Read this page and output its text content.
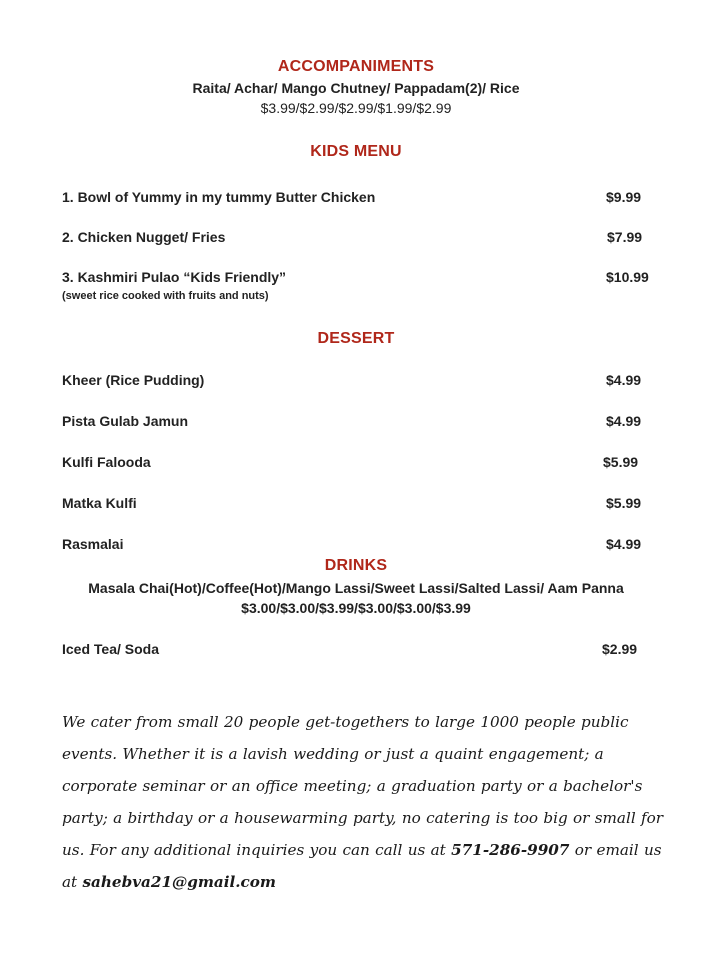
ACCOMPANIMENTS
Raita/ Achar/ Mango Chutney/ Pappadam(2)/ Rice
$3.99/$2.99/$2.99/$1.99/$2.99
KIDS MENU
1. Bowl of Yummy in my tummy Butter Chicken	$9.99
2. Chicken Nugget/ Fries	$7.99
3. Kashmiri Pulao “Kids Friendly”	$10.99
(sweet rice cooked with fruits and nuts)
DESSERT
Kheer (Rice Pudding)	$4.99
Pista Gulab Jamun	$4.99
Kulfi Falooda	$5.99
Matka Kulfi	$5.99
Rasmalai	$4.99
DRINKS
Masala Chai(Hot)/Coffee(Hot)/Mango Lassi/Sweet Lassi/Salted Lassi/ Aam Panna
$3.00/$3.00/$3.99/$3.00/$3.00/$3.99
Iced Tea/ Soda	$2.99
We cater from small 20 people get-togethers to large 1000 people public events. Whether it is a lavish wedding or just a quaint engagement; a corporate seminar or an office meeting; a graduation party or a bachelor's party; a birthday or a housewarming party, no catering is too big or small for us. For any additional inquiries you can call us at 571-286-9907 or email us at sahebva21@gmail.com
